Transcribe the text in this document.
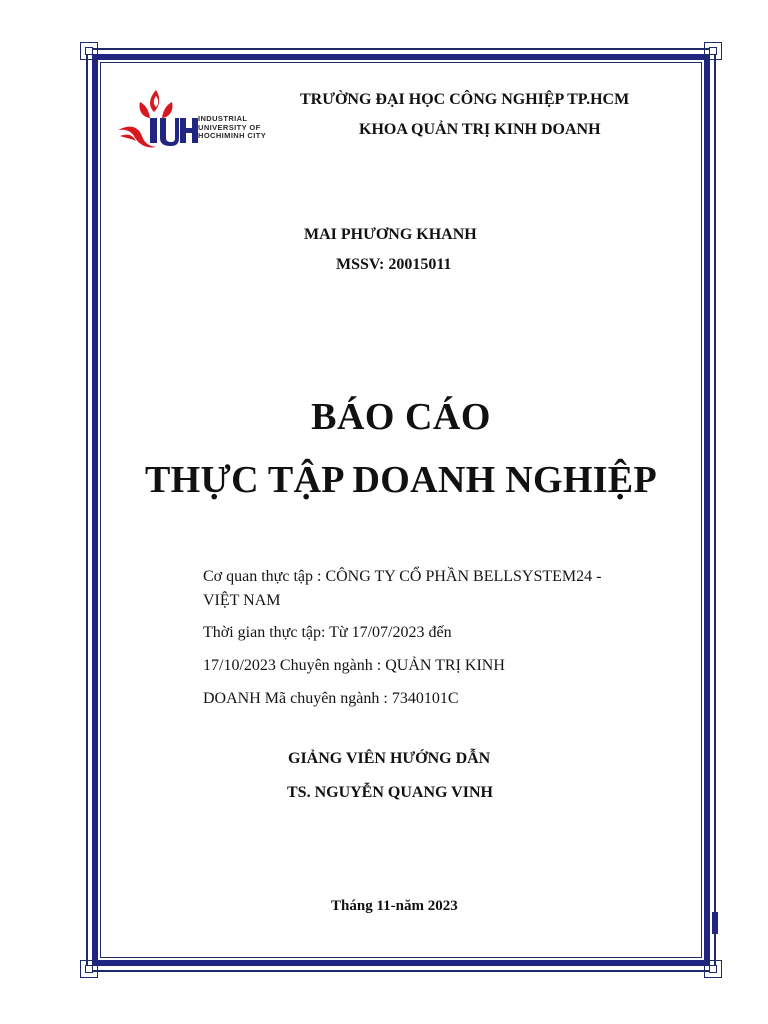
INDUSTRIAL
UNIVERSITY OF
HOCHIMINH CITY
TRƯỜNG ĐẠI HỌC CÔNG NGHIỆP TP.HCM
KHOA QUẢN TRỊ KINH DOANH
MAI PHƯƠNG KHANH
MSSV: 20015011
BÁO CÁO
THỰC TẬP DOANH NGHIỆP
Cơ quan thực tập : CÔNG TY CỔ PHẦN BELLSYSTEM24 -
VIỆT NAM
Thời gian thực tập: Từ 17/07/2023 đến
17/10/2023 Chuyên ngành : QUẢN TRỊ KINH
DOANH Mã chuyên ngành : 7340101C
GIẢNG VIÊN HƯỚNG DẪN
TS. NGUYỄN QUANG VINH
Tháng 11-năm 2023
